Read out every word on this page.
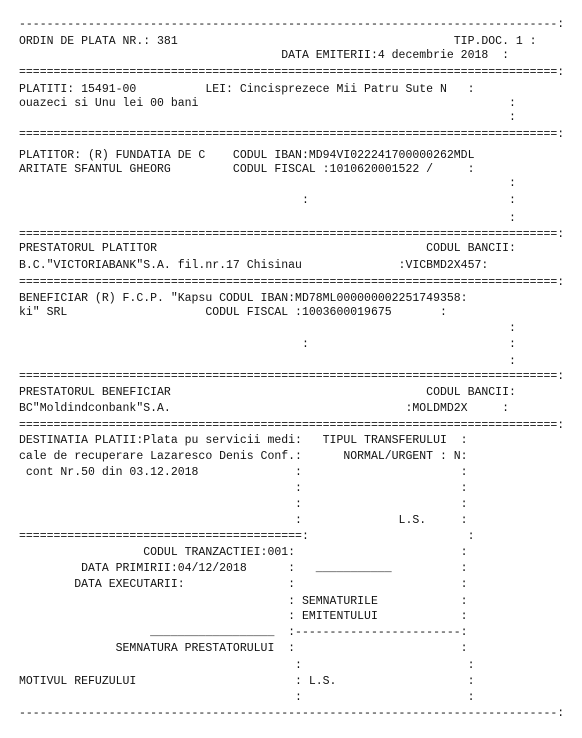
------------------------------------------------------------------------------:
ORDIN DE PLATA NR.: 381                                        TIP.DOC. 1 :
DATA EMITERII:4 decembrie 2018  :
==============================================================================:
PLATITI: 15491-00          LEI: Cincisprezece Mii Patru Sute N   :
ouazeci si Unu lei 00 bani                                             :
:
==============================================================================:
PLATITOR: (R) FUNDATIA DE C    CODUL IBAN:MD94VI022241700000262MDL
ARITATE SFANTUL GHEORG         CODUL FISCAL :1010620001522 /     :
:
:                             :
:
==============================================================================:
PRESTATORUL PLATITOR                                       CODUL BANCII:
B.C."VICTORIABANK"S.A. fil.nr.17 Chisinau              :VICBMD2X457:
==============================================================================:
BENEFICIAR (R) F.C.P. "Kapsu CODUL IBAN:MD78ML000000002251749358:
ki" SRL                    CODUL FISCAL :1003600019675       :
:
:                             :
:
==============================================================================:
PRESTATORUL BENEFICIAR                                     CODUL BANCII:
BC"Moldindconbank"S.A.                                  :MOLDMD2X     :
==============================================================================:
DESTINATIA PLATII:Plata pu servicii medi:   TIPUL TRANSFERULUI  :
cale de recuperare Lazaresco Denis Conf.:      NORMAL/URGENT : N:
cont Nr.50 din 03.12.2018              :                       :
:                       :
:                       :
:              L.S.     :
=========================================:                       :
CODUL TRANZACTIEI:001:                        :
DATA PRIMIRII:04/12/2018      :   ___________          :
DATA EXECUTARII:               :                        :
: SEMNATURILE            :
: EMITENTULUI            :
__________________  :------------------------:
SEMNATURA PRESTATORULUI  :                        :
:                        :
MOTIVUL REFUZULUI                       : L.S.                   :
:                        :
------------------------------------------------------------------------------:
